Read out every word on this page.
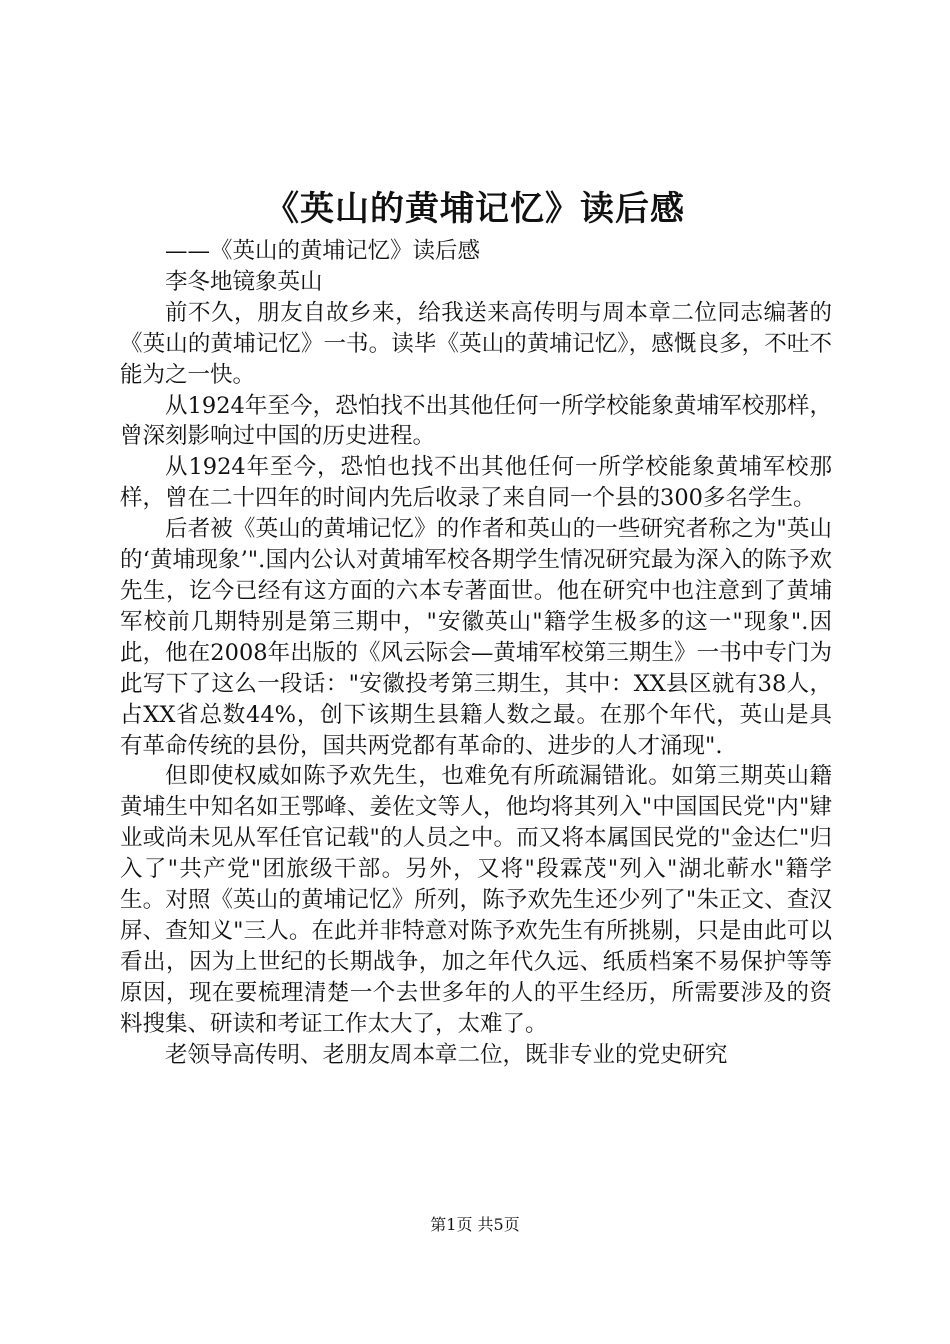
《英山的黄埔记忆》读后感

——《英山的黄埔记忆》读后感

李冬地镜象英山

前不久，朋友自故乡来，给我送来高传明与周本章二位同志编著的《英山的黄埔记忆》一书。读毕《英山的黄埔记忆》，感慨良多，不吐不能为之一快。

从1924年至今，恐怕找不出其他任何一所学校能象黄埔军校那样，曾深刻影响过中国的历史进程。

从1924年至今，恐怕也找不出其他任何一所学校能象黄埔军校那样，曾在二十四年的时间内先后收录了来自同一个县的300多名学生。

后者被《英山的黄埔记忆》的作者和英山的一些研究者称之为"英山的‘黄埔现象’".国内公认对黄埔军校各期学生情况研究最为深入的陈予欢先生，讫今已经有这方面的六本专著面世。他在研究中也注意到了黄埔军校前几期特别是第三期中，"安徽英山"籍学生极多的这一"现象".因此，他在2008年出版的《风云际会—黄埔军校第三期生》一书中专门为此写下了这么一段话："安徽投考第三期生，其中：XX县区就有38人，占XX省总数44%，创下该期生县籍人数之最。在那个年代，英山是具有革命传统的县份，国共两党都有革命的、进步的人才涌现".

但即使权威如陈予欢先生，也难免有所疏漏错讹。如第三期英山籍黄埔生中知名如王鄂峰、姜佐文等人，他均将其列入"中国国民党"内"肄业或尚未见从军任官记载"的人员之中。而又将本属国民党的"金达仁"归入了"共产党"团旅级干部。另外，又将"段霖茂"列入"湖北蕲水"籍学生。对照《英山的黄埔记忆》所列，陈予欢先生还少列了"朱正文、查汉屏、查知义"三人。在此并非特意对陈予欢先生有所挑剔，只是由此可以看出，因为上世纪的长期战争，加之年代久远、纸质档案不易保护等等原因，现在要梳理清楚一个去世多年的人的平生经历，所需要涉及的资料搜集、研读和考证工作太大了，太难了。

老领导高传明、老朋友周本章二位，既非专业的党史研究

第1页 共5页
